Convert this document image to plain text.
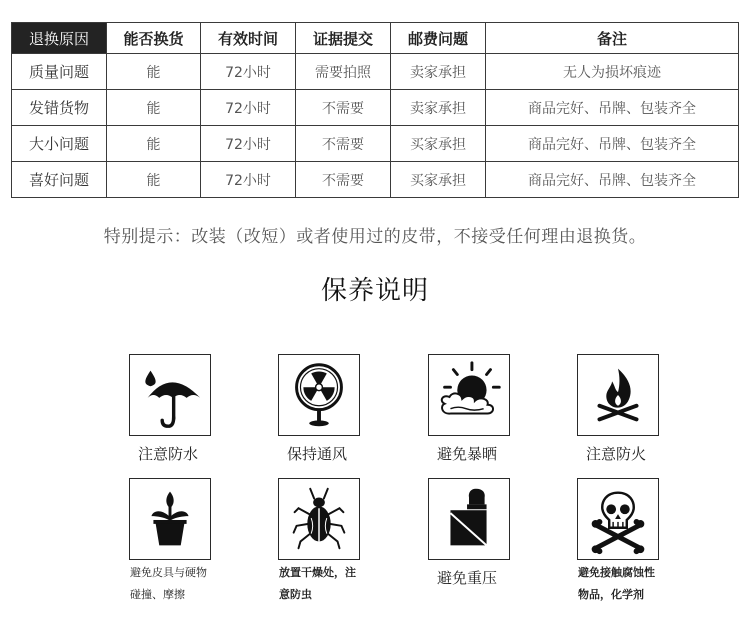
退换原因	能否换货	有效时间	证据提交	邮费问题	备注
质量问题	能	72小时	需要拍照	卖家承担	无人为损坏痕迹
发错货物	能	72小时	不需要	卖家承担	商品完好、吊牌、包装齐全
大小问题	能	72小时	不需要	买家承担	商品完好、吊牌、包装齐全
喜好问题	能	72小时	不需要	买家承担	商品完好、吊牌、包装齐全
特别提示：改装（改短）或者使用过的皮带，不接受任何理由退换货。
保养说明
注意防水	保持通风	避免暴晒	注意防火
避免皮具与硬物
碰撞、摩擦
放置干燥处，注
意防虫
避免重压	避免接触腐蚀性
物品，化学剂
